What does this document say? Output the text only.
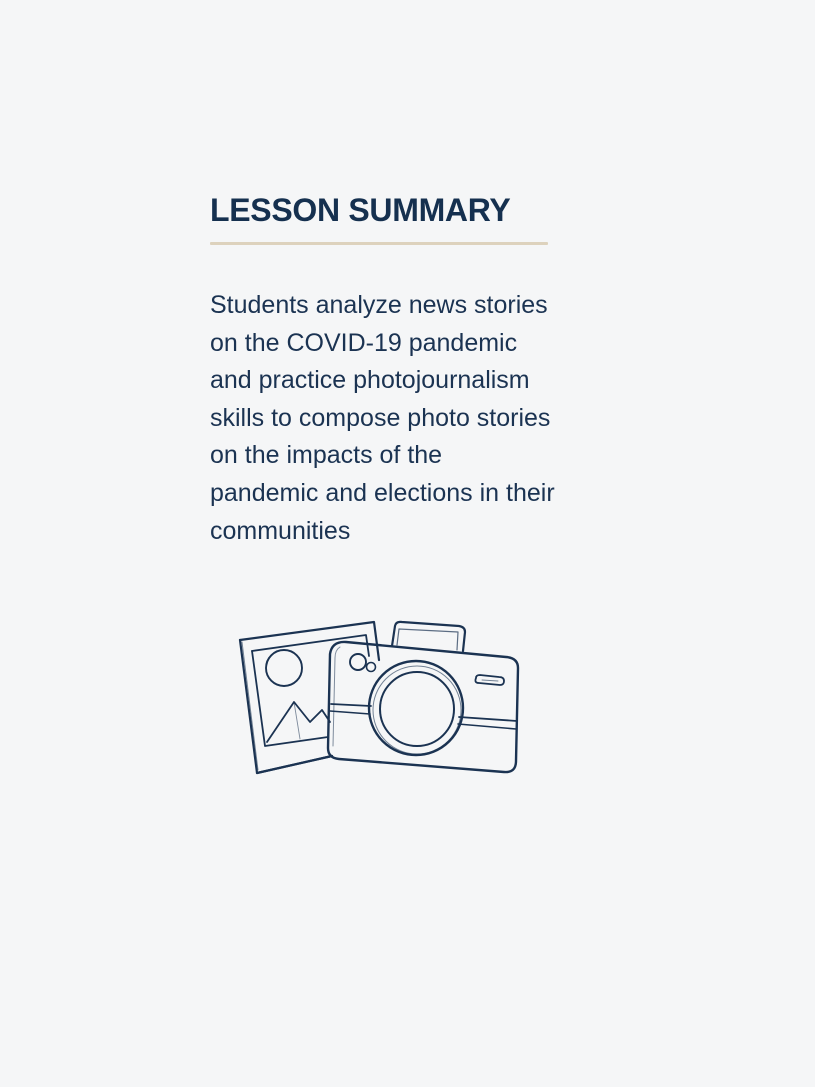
LESSON SUMMARY

Students analyze news stories on the COVID-19 pandemic and practice photojournalism skills to compose photo stories on the impacts of the pandemic and elections in their communities
